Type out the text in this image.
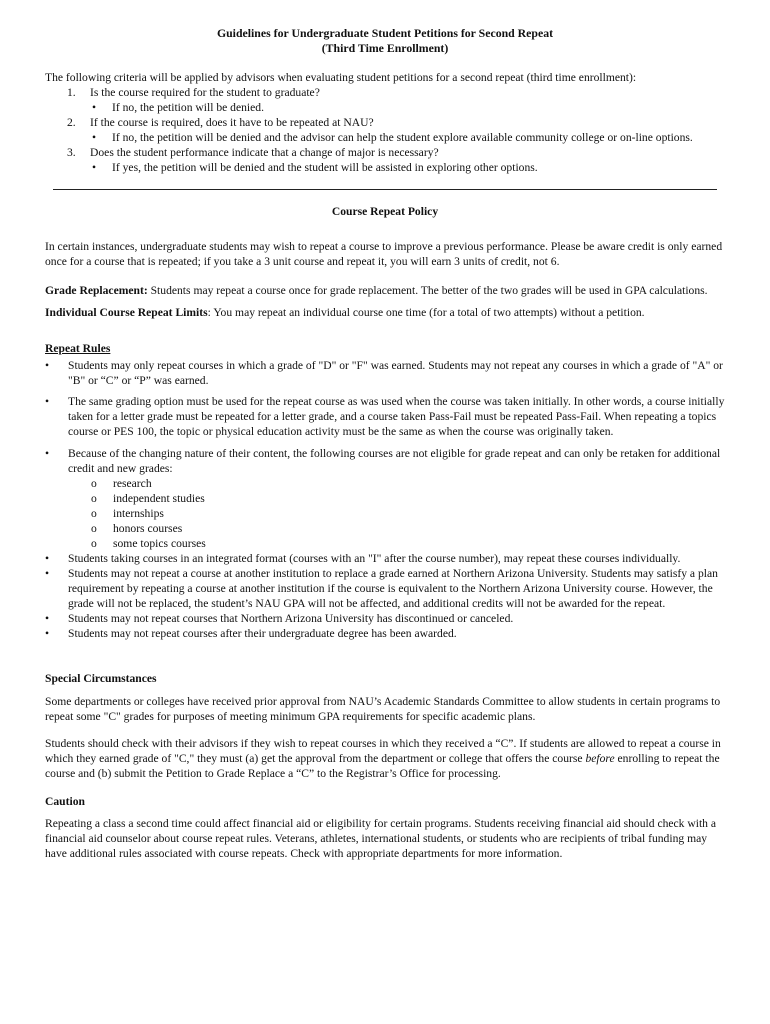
Guidelines for Undergraduate Student Petitions for Second Repeat
(Third Time Enrollment)

The following criteria will be applied by advisors when evaluating student petitions for a second repeat (third time enrollment):

1. Is the course required for the student to graduate?
• If no, the petition will be denied.
2. If the course is required, does it have to be repeated at NAU?
• If no, the petition will be denied and the advisor can help the student explore available community college or on-line options.
3. Does the student performance indicate that a change of major is necessary?
• If yes, the petition will be denied and the student will be assisted in exploring other options.

Course Repeat Policy

In certain instances, undergraduate students may wish to repeat a course to improve a previous performance. Please be aware credit is only earned once for a course that is repeated; if you take a 3 unit course and repeat it, you will earn 3 units of credit, not 6.

Grade Replacement: Students may repeat a course once for grade replacement. The better of the two grades will be used in GPA calculations.

Individual Course Repeat Limits: You may repeat an individual course one time (for a total of two attempts) without a petition.

Repeat Rules

• Students may only repeat courses in which a grade of "D" or "F" was earned. Students may not repeat any courses in which a grade of "A" or "B" or “C” or “P” was earned.
• The same grading option must be used for the repeat course as was used when the course was taken initially. In other words, a course initially taken for a letter grade must be repeated for a letter grade, and a course taken Pass-Fail must be repeated Pass-Fail. When repeating a topics course or PES 100, the topic or physical education activity must be the same as when the course was originally taken.
• Because of the changing nature of their content, the following courses are not eligible for grade repeat and can only be retaken for additional credit and new grades:
o research
o independent studies
o internships
o honors courses
o some topics courses
• Students taking courses in an integrated format (courses with an "I" after the course number), may repeat these courses individually.
• Students may not repeat a course at another institution to replace a grade earned at Northern Arizona University. Students may satisfy a plan requirement by repeating a course at another institution if the course is equivalent to the Northern Arizona University course. However, the grade will not be replaced, the student’s NAU GPA will not be affected, and additional credits will not be awarded for the repeat.
• Students may not repeat courses that Northern Arizona University has discontinued or canceled.
• Students may not repeat courses after their undergraduate degree has been awarded.

Special Circumstances

Some departments or colleges have received prior approval from NAU’s Academic Standards Committee to allow students in certain programs to repeat some "C" grades for purposes of meeting minimum GPA requirements for specific academic plans.

Students should check with their advisors if they wish to repeat courses in which they received a “C”. If students are allowed to repeat a course in which they earned grade of "C," they must (a) get the approval from the department or college that offers the course before enrolling to repeat the course and (b) submit the Petition to Grade Replace a “C” to the Registrar’s Office for processing.

Caution

Repeating a class a second time could affect financial aid or eligibility for certain programs. Students receiving financial aid should check with a financial aid counselor about course repeat rules. Veterans, athletes, international students, or students who are recipients of tribal funding may have additional rules associated with course repeats. Check with appropriate departments for more information.
